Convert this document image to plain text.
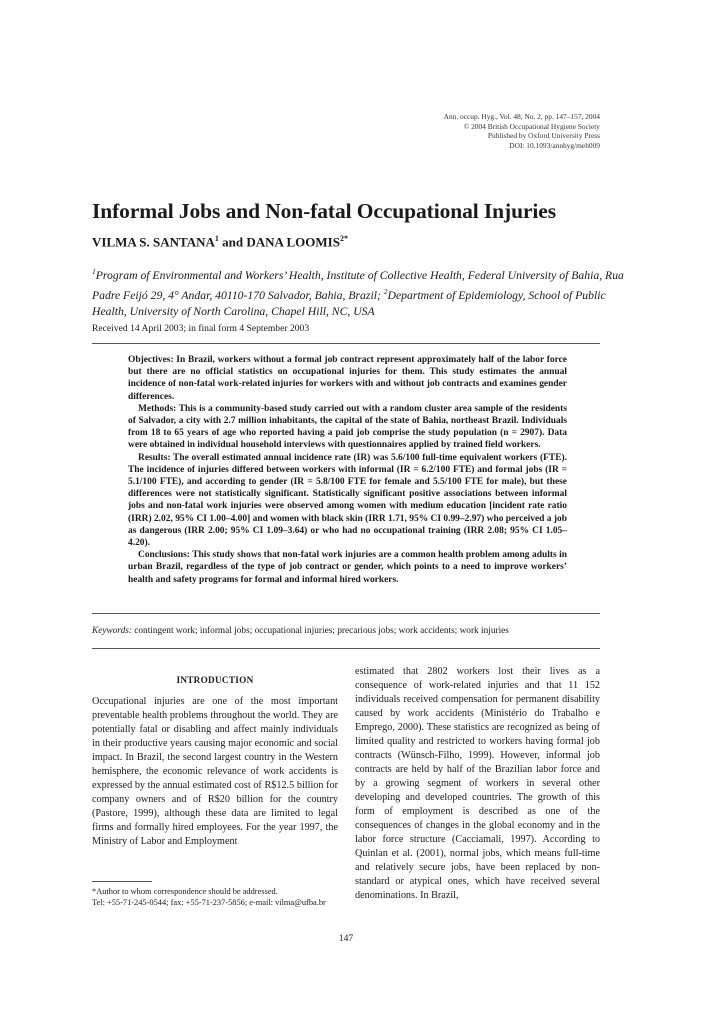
Ann. occup. Hyg., Vol. 48, No. 2, pp. 147–157, 2004
© 2004 British Occupational Hygiene Society
Published by Oxford University Press
DOI: 10.1093/annhyg/meh009
Informal Jobs and Non-fatal Occupational Injuries
VILMA S. SANTANA$^1$ and DANA $LOOMIS^{2*}$

$^1$Program of Environmental and Workers’ Health, Institute of Collective Health, Federal University of Bahia, Rua Padre Feijó 29, 4° Andar, 40110-170 Salvador, Bahia, Brazil; $^2$Department of Epidemiology, School of Public Health, University of North Carolina, Chapel Hill, NC, USA

Received 14 April 2003; in final form 4 September 2003

Objectives: In Brazil, workers without a formal job contract represent approximately half of the labor force but there are no official statistics on occupational injuries for them. This study estimates the annual incidence of non-fatal work-related injuries for workers with and without job contracts and examines gender differences.

Methods: This is a community-based study carried out with a random cluster area sample of the residents of Salvador, a city with 2.7 million inhabitants, the capital of the state of Bahia, northeast Brazil. Individuals from 18 to 65 years of age who reported having a paid job comprise the study population (n = 2907). Data were obtained in individual household interviews with questionnaires applied by trained field workers.

Results: The overall estimated annual incidence rate (IR) was 5.6/100 full-time equivalent workers (FTE). The incidence of injuries differed between workers with informal (IR = 6.2/100 FTE) and formal jobs (IR = 5.1/100 FTE), and according to gender (IR = 5.8/100 FTE for female and 5.5/100 FTE for male), but these differences were not statistically significant. Statistically significant positive associations between informal jobs and non-fatal work injuries were observed among women with medium education [incident rate ratio (IRR) 2.02, 95% CI 1.00–4.00] and women with black skin (IRR 1.71, 95% CI 0.99–2.97) who perceived a job as dangerous (IRR 2.00; 95% CI 1.09–3.64) or who had no occupational training (IRR 2.08; 95% CI 1.05–4.20).

Conclusions: This study shows that non-fatal work injuries are a common health problem among adults in urban Brazil, regardless of the type of job contract or gender, which points to a need to improve workers’ health and safety programs for formal and informal hired workers.

Keywords: contingent work; informal jobs; occupational injuries; precarious jobs; work accidents; work injuries
INTRODUCTION

Occupational injuries are one of the most important preventable health problems throughout the world. They are potentially fatal or disabling and affect mainly individuals in their productive years causing major economic and social impact. In Brazil, the second largest country in the Western hemisphere, the economic relevance of work accidents is expressed by the annual estimated cost of R$12.5 billion for company owners and of R$20 billion for the country (Pastore, 1999), although these data are limited to legal firms and formally hired employees. For the year 1997, the Ministry of Labor and Employment

estimated that 2802 workers lost their lives as a consequence of work-related injuries and that 11 152 individuals received compensation for permanent disability caused by work accidents (Ministério do Trabalho e Emprego, 2000). These statistics are recognized as being of limited quality and restricted to workers having formal job contracts (Wünsch-Filho, 1999). However, informal job contracts are held by half of the Brazilian labor force and by a growing segment of workers in several other developing and developed countries. The growth of this form of employment is described as one of the consequences of changes in the global economy and in the labor force structure (Cacciamali, 1997). According to Quinlan et al. (2001), normal jobs, which means full-time and relatively secure jobs, have been replaced by non-standard or atypical ones, which have received several denominations. In Brazil,

*Author to whom correspondence should be addressed.
Tel: +55-71-245-0544; fax: +55-71-237-5856; e-mail: vilma@ufba.br
147
